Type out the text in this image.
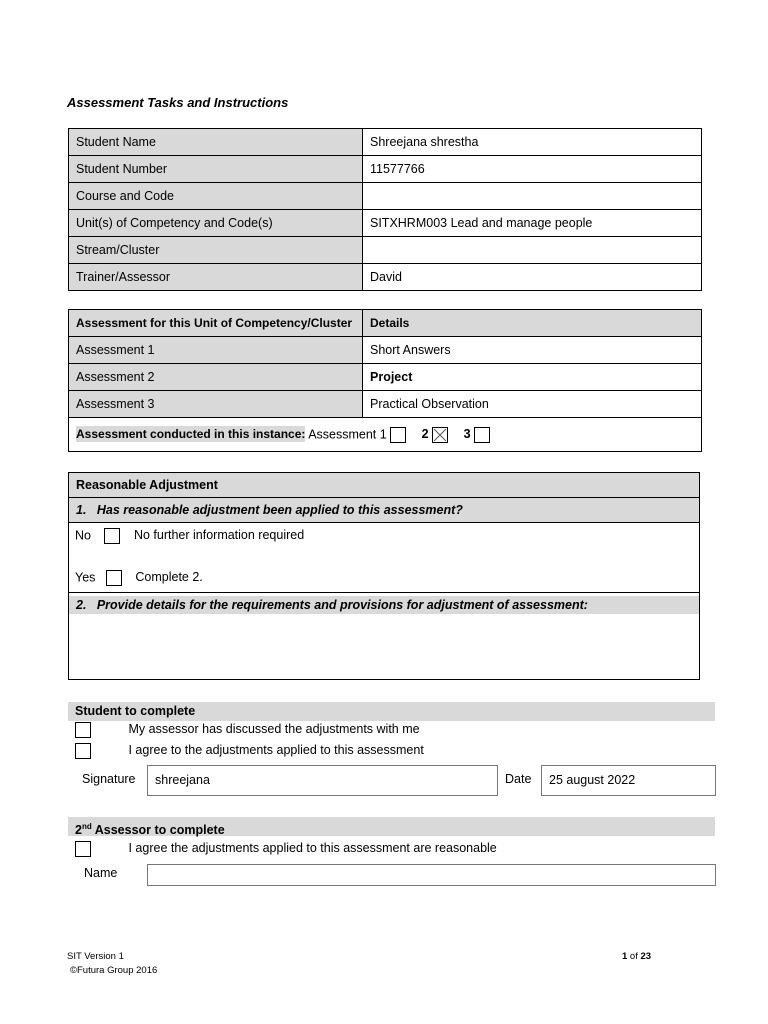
Assessment Tasks and Instructions
Student Name	Shreejana shrestha
Student Number	11577766
Course and Code	
Unit(s) of Competency and Code(s)	SITXHRM003 Lead and manage people
Stream/Cluster	
Trainer/Assessor	David
Assessment for this Unit of Competency/Cluster	Details
Assessment 1	Short Answers
Assessment 2	Project
Assessment 3	Practical Observation
Assessment conducted in this instance: Assessment 1 2 3	
Reasonable Adjustment
1.   Has reasonable adjustment been applied to this assessment?
No	No further information required
Yes	Complete 2.
2.   Provide details for the requirements and provisions for adjustment of assessment:
Student to complete
My assessor has discussed the adjustments with me
I agree to the adjustments applied to this assessment
Signature	shreejana	Date	25 august 2022
2nd Assessor to complete
I agree the adjustments applied to this assessment are reasonable
Name
SIT Version 1
©Futura Group 2016
1 of 23
